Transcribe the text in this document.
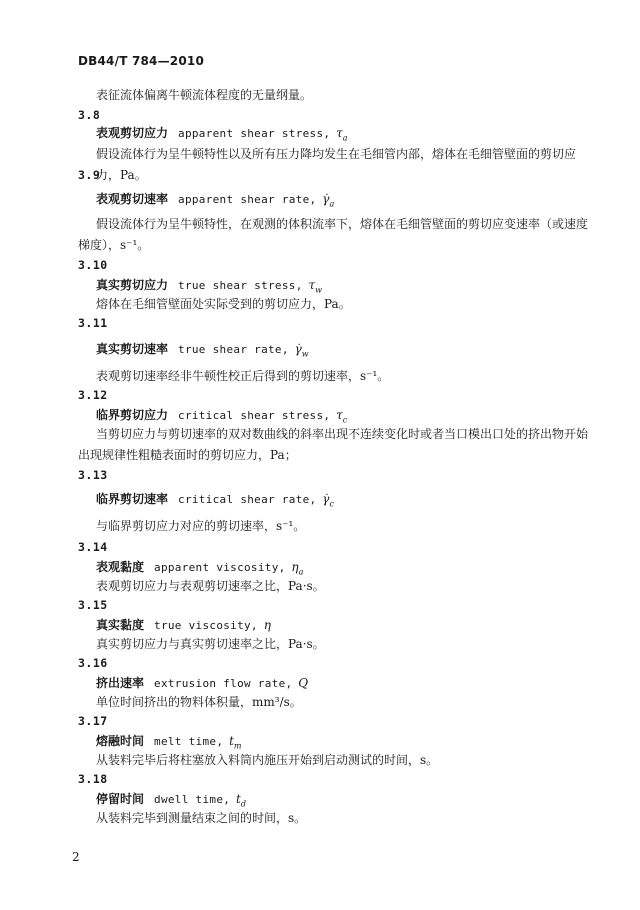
DB44/T 784—2010
表征流体偏离牛顿流体程度的无量纲量。
3.8
表观剪切应力 apparent shear stress, $\tau_a$
假设流体行为呈牛顿特性以及所有压力降均发生在毛细管内部，熔体在毛细管壁面的剪切应力，Pa。
3.9
表观剪切速率 apparent shear rate, $\gammȧ_a$
假设流体行为呈牛顿特性，在观测的体积流率下，熔体在毛细管壁面的剪切应变速率（或速度梯度），s⁻¹。
3.10
真实剪切应力 true shear stress, $\tau_w$
熔体在毛细管壁面处实际受到的剪切应力，Pa。
3.11
真实剪切速率 true shear rate, $\gammȧ_w$
表观剪切速率经非牛顿性校正后得到的剪切速率，s⁻¹。
3.12
临界剪切应力 critical shear stress, $\tau_c$
当剪切应力与剪切速率的双对数曲线的斜率出现不连续变化时或者当口模出口处的挤出物开始出现规律性粗糙表面时的剪切应力，Pa；
3.13
临界剪切速率 critical shear rate, $\gammȧ_c$
与临界剪切应力对应的剪切速率，s⁻¹。
3.14
表观黏度 apparent viscosity, $\eta_a$
表观剪切应力与表观剪切速率之比，Pa·s。
3.15
真实黏度 true viscosity, η
真实剪切应力与真实剪切速率之比，Pa·s。
3.16
挤出速率 extrusion flow rate, Q
单位时间挤出的物料体积量，mm³/s。
3.17
熔融时间 melt time, $t_m$
从装料完毕后将柱塞放入料筒内施压开始到启动测试的时间，s。
3.18
停留时间 dwell time, $t_d$
从装料完毕到测量结束之间的时间，s。
2
